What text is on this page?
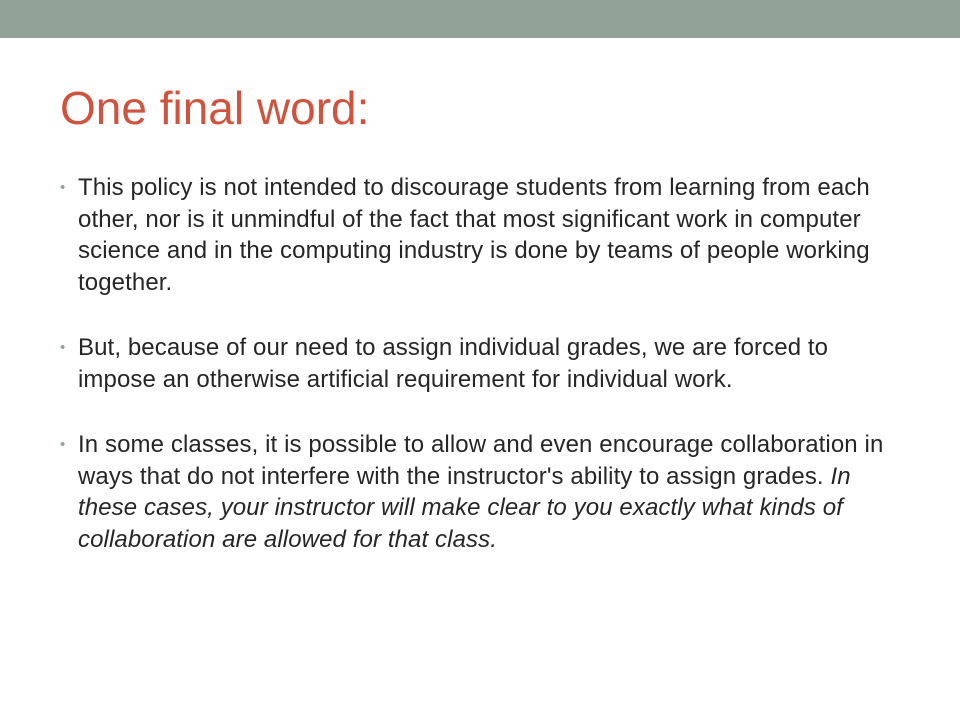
One final word:
• This policy is not intended to discourage students from learning from each other, nor is it unmindful of the fact that most significant work in computer science and in the computing industry is done by teams of people working together.
• But, because of our need to assign individual grades, we are forced to impose an otherwise artificial requirement for individual work.
• In some classes, it is possible to allow and even encourage collaboration in ways that do not interfere with the instructor's ability to assign grades. In these cases, your instructor will make clear to you exactly what kinds of collaboration are allowed for that class.
